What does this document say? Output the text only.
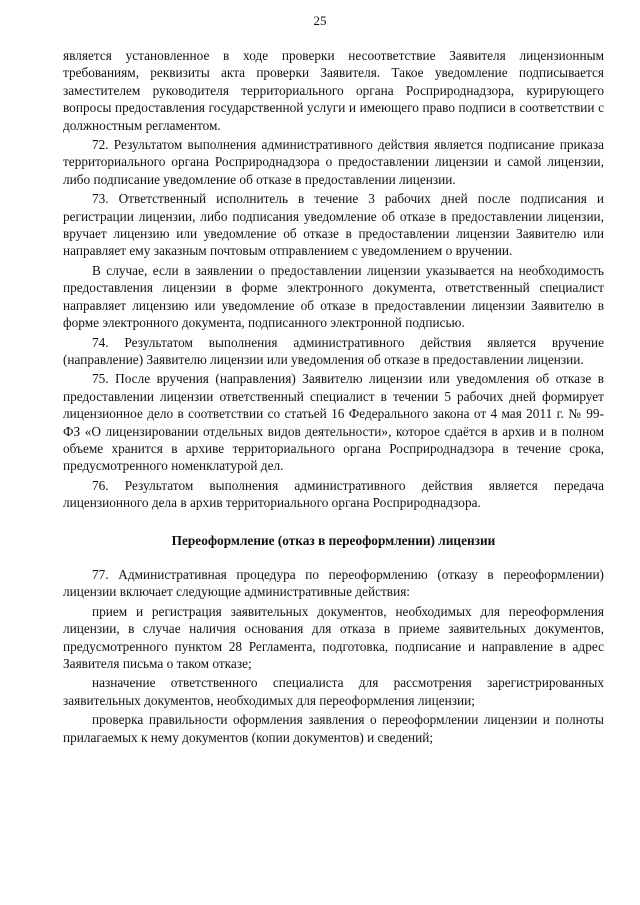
25

является установленное в ходе проверки несоответствие Заявителя лицензионным требованиям, реквизиты акта проверки Заявителя. Такое уведомление подписывается заместителем руководителя территориального органа Росприроднадзора, курирующего вопросы предоставления государственной услуги и имеющего право подписи в соответствии с должностным регламентом.

72. Результатом выполнения административного действия является подписание приказа территориального органа Росприроднадзора о предоставлении лицензии и самой лицензии, либо подписание уведомление об отказе в предоставлении лицензии.

73. Ответственный исполнитель в течение 3 рабочих дней после подписания и регистрации лицензии, либо подписания уведомление об отказе в предоставлении лицензии, вручает лицензию или уведомление об отказе в предоставлении лицензии Заявителю или направляет ему заказным почтовым отправлением с уведомлением о вручении.

В случае, если в заявлении о предоставлении лицензии указывается на необходимость предоставления лицензии в форме электронного документа, ответственный специалист направляет лицензию или уведомление об отказе в предоставлении лицензии Заявителю в форме электронного документа, подписанного электронной подписью.

74. Результатом выполнения административного действия является вручение (направление) Заявителю лицензии или уведомления об отказе в предоставлении лицензии.

75. После вручения (направления) Заявителю лицензии или уведомления об отказе в предоставлении лицензии ответственный специалист в течении 5 рабочих дней формирует лицензионное дело в соответствии со статьей 16 Федерального закона от 4 мая 2011 г. № 99-ФЗ «О лицензировании отдельных видов деятельности», которое сдаётся в архив и в полном объеме хранится в архиве территориального органа Росприроднадзора в течение срока, предусмотренного номенклатурой дел.

76. Результатом выполнения административного действия является передача лицензионного дела в архив территориального органа Росприроднадзора.

Переоформление (отказ в переоформлении) лицензии

77. Административная процедура по переоформлению (отказу в переоформлении) лицензии включает следующие административные действия:

прием и регистрация заявительных документов, необходимых для переоформления лицензии, в случае наличия основания для отказа в приеме заявительных документов, предусмотренного пунктом 28 Регламента, подготовка, подписание и направление в адрес Заявителя письма о таком отказе;

назначение ответственного специалиста для рассмотрения зарегистрированных заявительных документов, необходимых для переоформления лицензии;

проверка правильности оформления заявления о переоформлении лицензии и полноты прилагаемых к нему документов (копии документов) и сведений;
